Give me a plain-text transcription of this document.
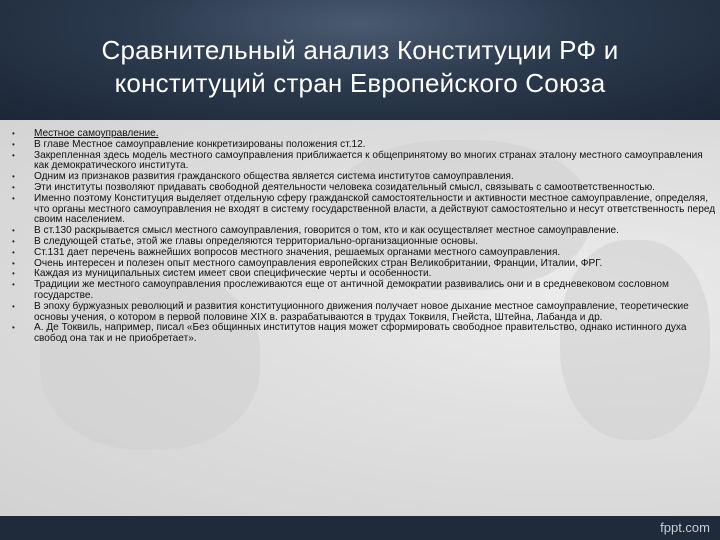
Сравнительный анализ Конституции РФ и конституций стран Европейского Союза
• Местное самоуправление.
• В главе Местное самоуправление конкретизированы положения ст.12.
• Закрепленная здесь модель местного самоуправления приближается к общепринятому во многих странах эталону местного самоуправления как демократического института.
• Одним из признаков развития гражданского общества является система институтов самоуправления.
• Эти институты позволяют придавать свободной деятельности человека созидательный смысл, связывать с самоответственностью.
• Именно поэтому Конституция выделяет отдельную сферу гражданской самостоятельности и активности местное самоуправление, определяя, что органы местного самоуправления не входят в систему государственной власти, а действуют самостоятельно и несут ответственность перед своим населением.
• В ст.130 раскрывается смысл местного самоуправления, говорится о том, кто и как осуществляет местное самоуправление.
• В следующей статье, этой же главы определяются территориально-организационные основы.
• Ст.131 дает перечень важнейших вопросов местного значения, решаемых органами местного самоуправления.
• Очень интересен и полезен опыт местного самоуправления европейских стран Великобритании, Франции, Италии, ФРГ.
• Каждая из муниципальных систем имеет свои специфические черты и особенности.
• Традиции же местного самоуправления прослеживаются еще от античной демократии развивались они и в средневековом сословном государстве.
• В эпоху буржуазных революций и развития конституционного движения получает новое дыхание местное самоуправление, теоретические основы учения, о котором в первой половине XIX в. разрабатываются в трудах Токвиля, Гнейста, Штейна, Лабанда и др.
• А. Де Токвиль, например, писал «Без общинных институтов нация может сформировать свободное правительство, однако истинного духа свобод она так и не приобретает».
fppt.com
